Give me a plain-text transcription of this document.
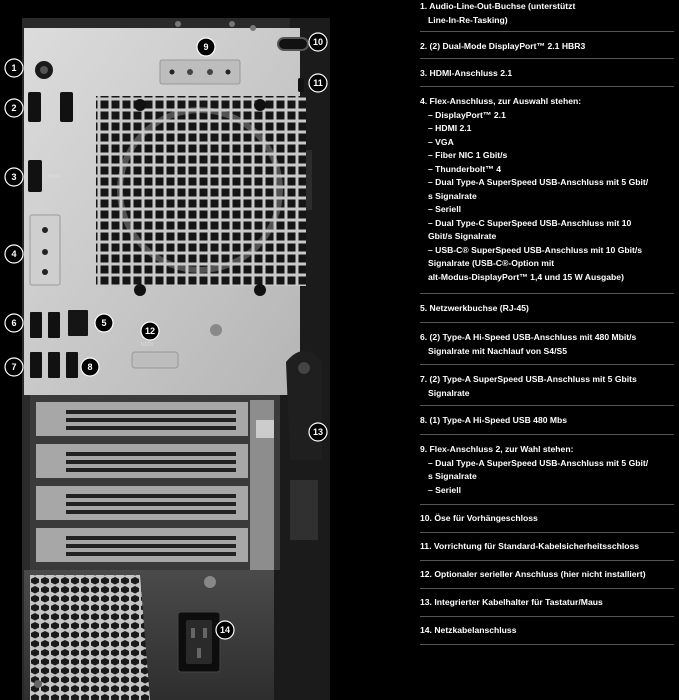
HDMI
IOIOI
1
2
3
4
5
6
7	8
9	10
11
12
13
14
1. Audio-Line-Out-Buchse (unterstützt
Line-In-Re-Tasking)
2. (2) Dual-Mode DisplayPort™ 2.1 HBR3
3. HDMI-Anschluss 2.1
4. Flex-Anschluss, zur Auswahl stehen:
– DisplayPort™ 2.1
– HDMI 2.1
– VGA
– Fiber NIC 1 Gbit/s
– Thunderbolt™ 4
– Dual Type-A SuperSpeed USB-Anschluss mit 5 Gbit/
s Signalrate
– Seriell
– Dual Type-C SuperSpeed USB-Anschluss mit 10
Gbit/s Signalrate
– USB-C® SuperSpeed USB-Anschluss mit 10 Gbit/s
Signalrate (USB-C®-Option mit
alt-Modus-DisplayPort™ 1,4 und 15 W Ausgabe)
5. Netzwerkbuchse (RJ-45)
6. (2) Type-A Hi-Speed USB-Anschluss mit 480 Mbit/s
Signalrate mit Nachlauf von S4/S5
7. (2) Type-A SuperSpeed USB-Anschluss mit 5 Gbits
Signalrate
8. (1) Type-A Hi-Speed USB 480 Mbs
9. Flex-Anschluss 2, zur Wahl stehen:
– Dual Type-A SuperSpeed USB-Anschluss mit 5 Gbit/
s Signalrate
– Seriell
10. Öse für Vorhängeschloss
11. Vorrichtung für Standard-Kabelsicherheitsschloss
12. Optionaler serieller Anschluss (hier nicht installiert)
13. Integrierter Kabelhalter für Tastatur/Maus
14. Netzkabelanschluss
